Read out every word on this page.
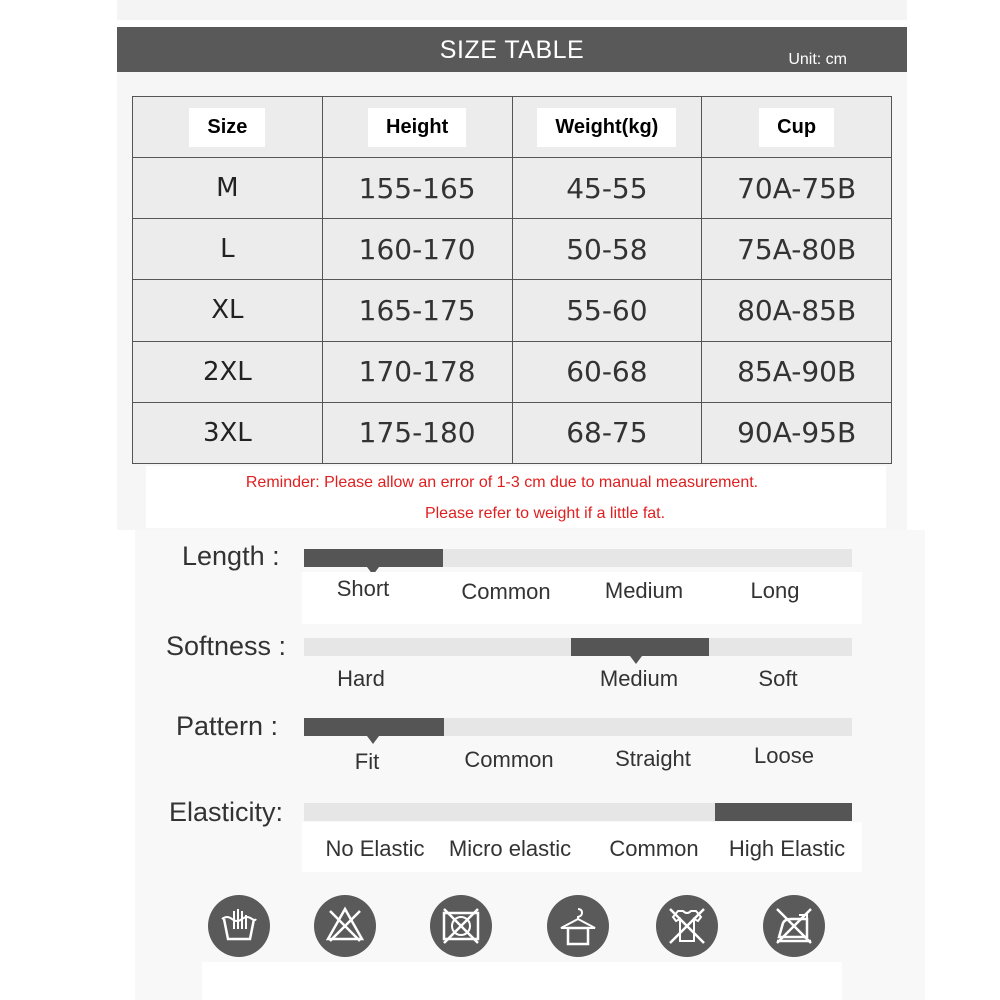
SIZE TABLE	Unit: cm
Size	Height	Weight(kg)	Cup
M	155-165	45-55	70A-75B
L	160-170	50-58	75A-80B
XL	165-175	55-60	80A-85B
2XL	170-178	60-68	85A-90B
3XL	175-180	68-75	90A-95B
Reminder: Please allow an error of 1-3 cm due to manual measurement.
Please refer to weight if a little fat.
Length :
Short	Common Medium	Long
Softness :
Hard	Medium	Soft
Pattern :
Fit	Common	Straight	Loose
Elasticity:
No Elastic Micro elastic Common High Elastic
